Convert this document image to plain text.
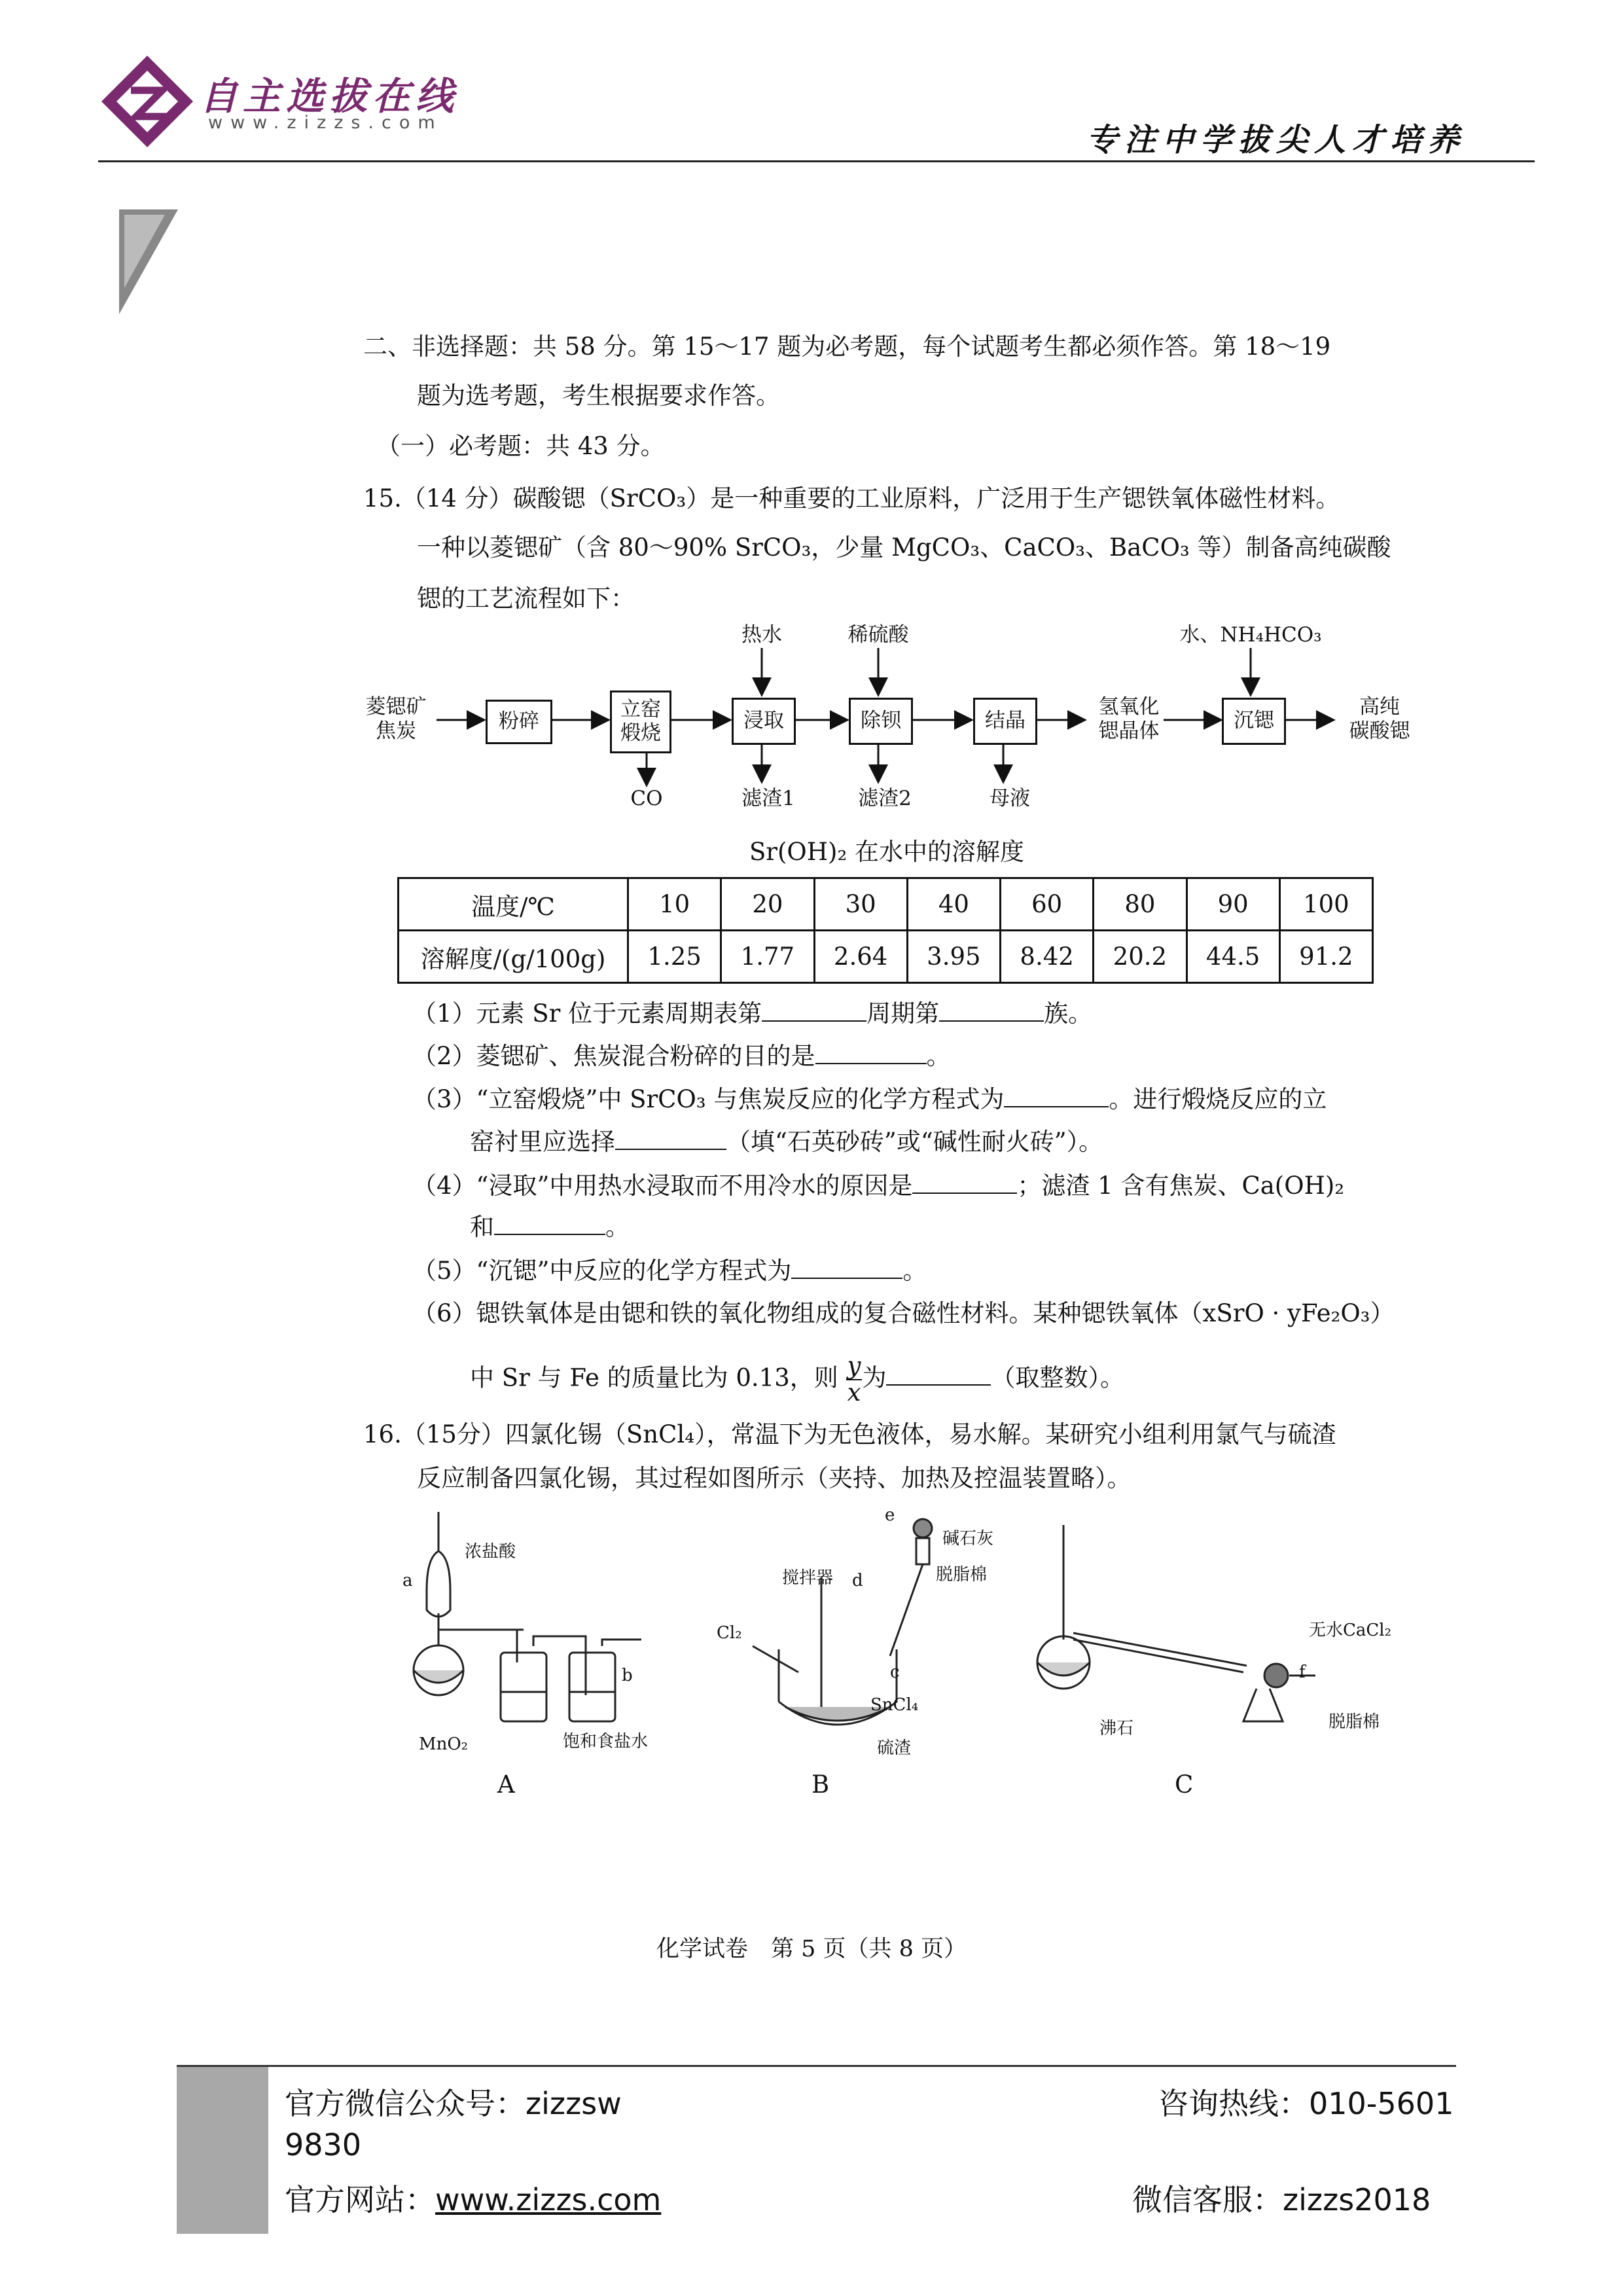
自主选拔在线
www.zizzs.com	专注中学拔尖人才培养
二、非选择题：共 58 分。第 15～17 题为必考题，每个试题考生都必须作答。第 18～19
题为选考题，考生根据要求作答。
（一）必考题：共 43 分。
15.（14 分）碳酸锶（SrCO₃）是一种重要的工业原料，广泛用于生产锶铁氧体磁性材料。
一种以菱锶矿（含 80～90% SrCO₃，少量 MgCO₃、CaCO₃、BaCO₃ 等）制备高纯碳酸
锶的工艺流程如下：
菱锶矿
焦炭	粉碎	立窑
煅烧
浸取	除钡	结晶
氢氧化
锶晶体	沉锶
高纯
碳酸锶
热水	稀硫酸	水、NH₄HCO₃
CO	滤渣1	滤渣2	母液
Sr(OH)₂ 在水中的溶解度
温度/℃	10	20	30	40	60	80	90	100
溶解度/(g/100g)	1.25	1.77	2.64	3.95	8.42	20.2	44.5	91.2
（1）元素 Sr 位于元素周期表第	周期第	族。
（2）菱锶矿、焦炭混合粉碎的目的是	。
（3）“立窑煅烧”中 SrCO₃ 与焦炭反应的化学方程式为	。进行煅烧反应的立
窑衬里应选择	（填“石英砂砖”或“碱性耐火砖”）。
（4）“浸取”中用热水浸取而不用冷水的原因是	；滤渣 1 含有焦炭、Ca(OH)₂
和	。
（5）“沉锶”中反应的化学方程式为	。
（6）锶铁氧体是由锶和铁的氧化物组成的复合磁性材料。某种锶铁氧体（xSrO · yFe₂O₃）
中 Sr 与 Fe 的质量比为 0.13，则 $\frac{y}{x}$ 为	（取整数）。
16.（15分）四氯化锡（SnCl₄），常温下为无色液体，易水解。某研究小组利用氯气与硫渣
反应制备四氯化锡，其过程如图所示（夹持、加热及控温装置略）。
浓盐酸
a
b
MnO₂	饱和食盐水
A
Cl₂
搅拌器
c
d
e
碱石灰
脱脂棉
SnCl₄
硫渣
B
无水CaCl₂
f
沸石	脱脂棉
C
化学试卷　第 5 页（共 8 页）
官方微信公众号：zizzsw
9830
官方网站：www.zizzs.com
咨询热线：010-5601
微信客服：zizzs2018
